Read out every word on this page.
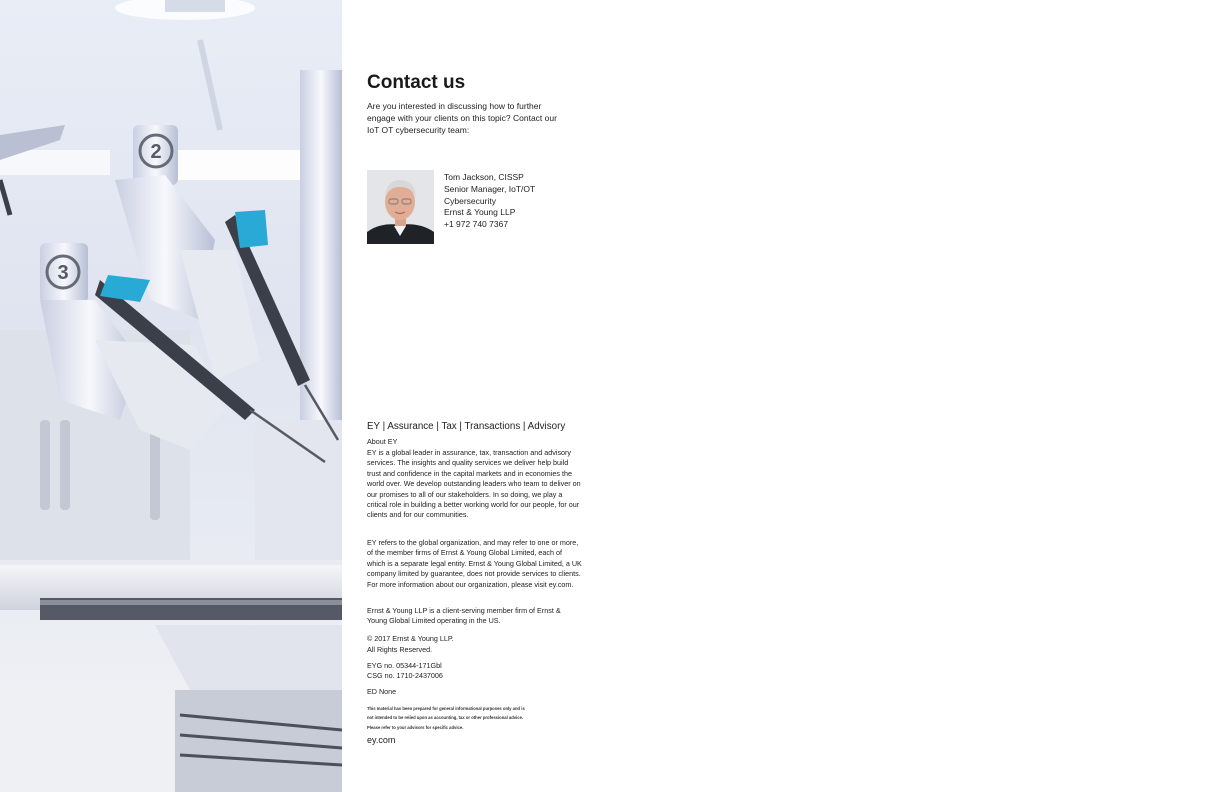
2
3
Contact us
Are you interested in discussing how to further engage with your clients on this topic? Contact our IoT OT cybersecurity team:
Tom Jackson, CISSP
Senior Manager, IoT/OT
Cybersecurity
Ernst & Young LLP
+1 972 740 7367
EY | Assurance | Tax | Transactions | Advisory
About EY
EY is a global leader in assurance, tax, transaction and advisory services. The insights and quality services we deliver help build trust and confidence in the capital markets and in economies the world over. We develop outstanding leaders who team to deliver on our promises to all of our stakeholders. In so doing, we play a critical role in building a better working world for our people, for our clients and for our communities.
EY refers to the global organization, and may refer to one or more, of the member firms of Ernst & Young Global Limited, each of which is a separate legal entity. Ernst & Young Global Limited, a UK company limited by guarantee, does not provide services to clients. For more information about our organization, please visit ey.com.
Ernst & Young LLP is a client-serving member firm of Ernst & Young Global Limited operating in the US.
© 2017 Ernst & Young LLP.
All Rights Reserved.
EYG no. 05344-171Gbl
CSG no. 1710-2437006
ED None
This material has been prepared for general informational purposes only and is
not intended to be relied upon as accounting, tax or other professional advice.
Please refer to your advisors for specific advice.
ey.com
